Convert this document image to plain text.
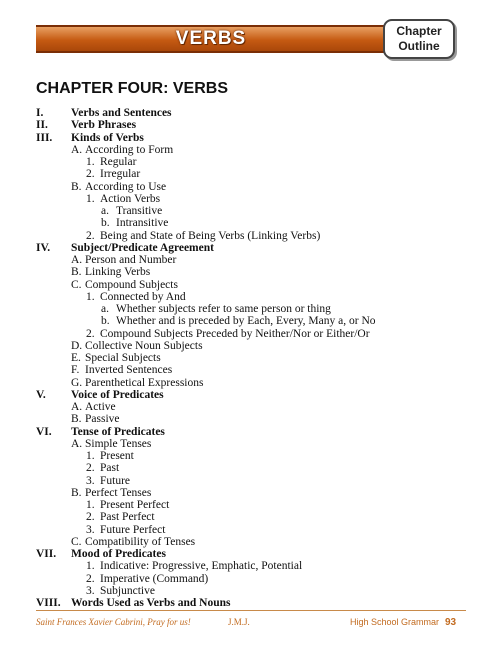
VERBS	Chapter
Outline
CHAPTER FOUR: VERBS
I. Verbs and Sentences
II. Verb Phrases
III. Kinds of Verbs
A. According to Form
1. Regular
2. Irregular
B. According to Use
1. Action Verbs
a. Transitive
b. Intransitive
2. Being and State of Being Verbs (Linking Verbs)
IV. Subject/Predicate Agreement
A. Person and Number
B. Linking Verbs
C. Compound Subjects
1. Connected by And
a. Whether subjects refer to same person or thing
b. Whether and is preceded by Each, Every, Many a, or No
2. Compound Subjects Preceded by Neither/Nor or Either/Or
D. Collective Noun Subjects
E. Special Subjects
F. Inverted Sentences
G. Parenthetical Expressions
V. Voice of Predicates
A. Active
B. Passive
VI. Tense of Predicates
A. Simple Tenses
1. Present
2. Past
3. Future
B. Perfect Tenses
1. Present Perfect
2. Past Perfect
3. Future Perfect
C. Compatibility of Tenses
VII. Mood of Predicates
1. Indicative: Progressive, Emphatic, Potential
2. Imperative (Command)
3. Subjunctive
VIII. Words Used as Verbs and Nouns
Saint Frances Xavier Cabrini, Pray for us!	J.M.J.	High School Grammar 93
